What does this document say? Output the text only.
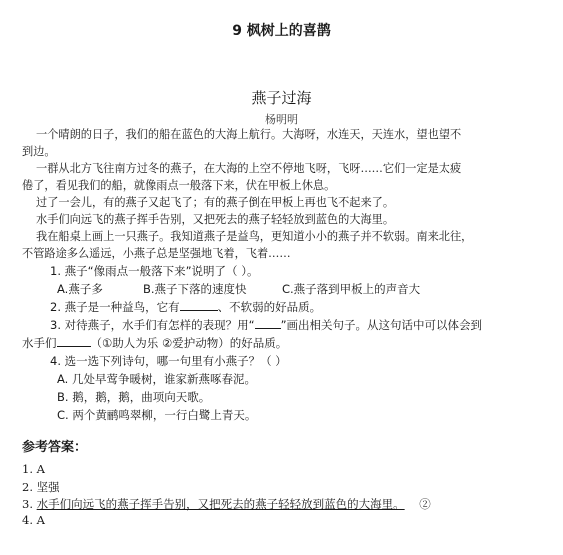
9 枫树上的喜鹊
燕子过海
杨明明
一个晴朗的日子，我们的船在蓝色的大海上航行。大海呀，水连天，天连水，望也望不
到边。
一群从北方飞往南方过冬的燕子，在大海的上空不停地飞呀，飞呀……它们一定是太疲
倦了，看见我们的船，就像雨点一般落下来，伏在甲板上休息。
过了一会儿，有的燕子又起飞了；有的燕子倒在甲板上再也飞不起来了。
水手们向远飞的燕子挥手告别，又把死去的燕子轻轻放到蓝色的大海里。
我在船桌上画上一只燕子。我知道燕子是益鸟，更知道小小的燕子并不软弱。南来北往，
不管路途多么遥远，小燕子总是坚强地飞着，飞着……
1. 燕子“像雨点一般落下来”说明了（ ）。
A.燕子多	B.燕子下落的速度快	C.燕子落到甲板上的声音大
2. 燕子是一种益鸟，它有	、不软弱的好品质。
3. 对待燕子，水手们有怎样的表现？用“ ”画出相关句子。从这句话中可以体会到
水手们	（①助人为乐 ②爱护动物）的好品质。
4. 选一选下列诗句，哪一句里有小燕子？（ ）
A. 几处早莺争暖树，谁家新燕啄春泥。
B. 鹅，鹅，鹅，曲项向天歌。
C. 两个黄鹂鸣翠柳，一行白鹭上青天。
参考答案：
1. A
2. 坚强
3. 水手们向远飞的燕子挥手告别，又把死去的燕子轻轻放到蓝色的大海里。 ②
4. A
